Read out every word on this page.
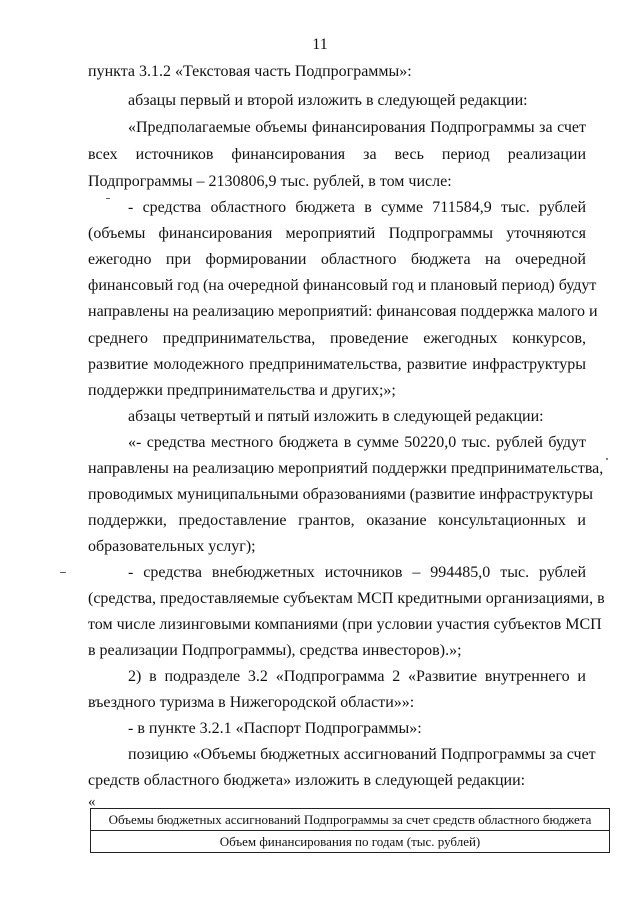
11
пункта 3.1.2 «Текстовая часть Подпрограммы»:
абзацы первый и второй изложить в следующей редакции:
«Предполагаемые объемы финансирования Подпрограммы за счет
всех источников финансирования за весь период реализации
Подпрограммы – 2130806,9 тыс. рублей, в том числе:
- средства областного бюджета в сумме 711584,9 тыс. рублей
(объемы финансирования мероприятий Подпрограммы уточняются
ежегодно при формировании областного бюджета на очередной
финансовый год (на очередной финансовый год и плановый период) будут
направлены на реализацию мероприятий: финансовая поддержка малого и
среднего предпринимательства, проведение ежегодных конкурсов,
развитие молодежного предпринимательства, развитие инфраструктуры
поддержки предпринимательства и других;»;
абзацы четвертый и пятый изложить в следующей редакции:
«- средства местного бюджета в сумме 50220,0 тыс. рублей будут
направлены на реализацию мероприятий поддержки предпринимательства,
проводимых муниципальными образованиями (развитие инфраструктуры
поддержки, предоставление грантов, оказание консультационных и
образовательных услуг);
- средства внебюджетных источников – 994485,0 тыс. рублей
(средства, предоставляемые субъектам МСП кредитными организациями, в
том числе лизинговыми компаниями (при условии участия субъектов МСП
в реализации Подпрограммы), средства инвесторов).»;
2) в подразделе 3.2 «Подпрограмма 2 «Развитие внутреннего и
въездного туризма в Нижегородской области»»:
- в пункте 3.2.1 «Паспорт Подпрограммы»:
позицию «Объемы бюджетных ассигнований Подпрограммы за счет
средств областного бюджета» изложить в следующей редакции:
«
Объемы бюджетных ассигнований Подпрограммы за счет средств областного бюджета
Объем финансирования по годам (тыс. рублей)
